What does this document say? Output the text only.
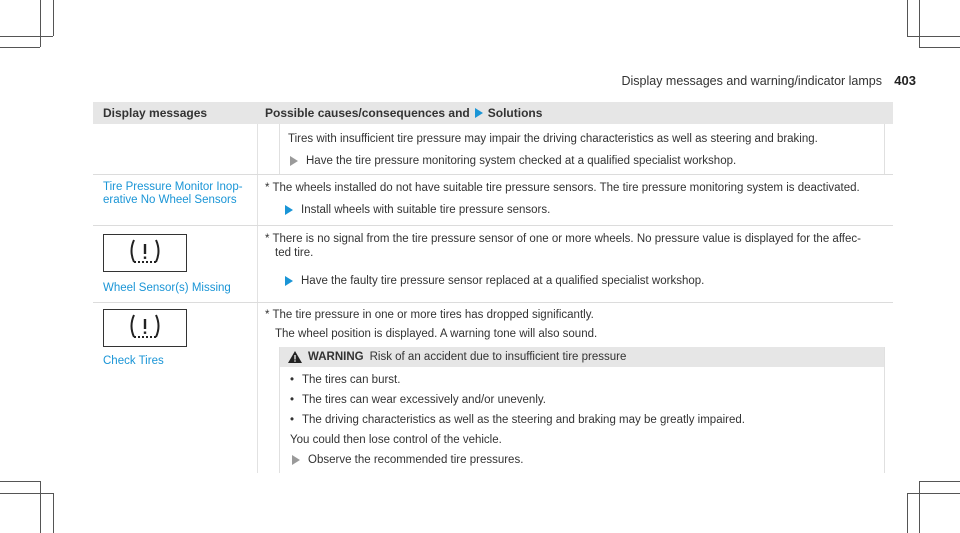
Display messages and warning/indicator lamps 403
Display messages	Possible causes/consequences and Solutions
Tires with insufficient tire pressure may impair the driving characteristics as well as steering and braking.
Have the tire pressure monitoring system checked at a qualified specialist workshop.
Tire Pressure Monitor Inop-erative No Wheel Sensors
* The wheels installed do not have suitable tire pressure sensors. The tire pressure monitoring system is deactivated.
Install wheels with suitable tire pressure sensors.
Wheel Sensor(s) Missing
* There is no signal from the tire pressure sensor of one or more wheels. No pressure value is displayed for the affec-
ted tire.
Have the faulty tire pressure sensor replaced at a qualified specialist workshop.
Check Tires
* The tire pressure in one or more tires has dropped significantly.
The wheel position is displayed. A warning tone will also sound.
WARNING Risk of an accident due to insufficient tire pressure
• The tires can burst.
• The tires can wear excessively and/or unevenly.
• The driving characteristics as well as the steering and braking may be greatly impaired.
You could then lose control of the vehicle.
Observe the recommended tire pressures.
